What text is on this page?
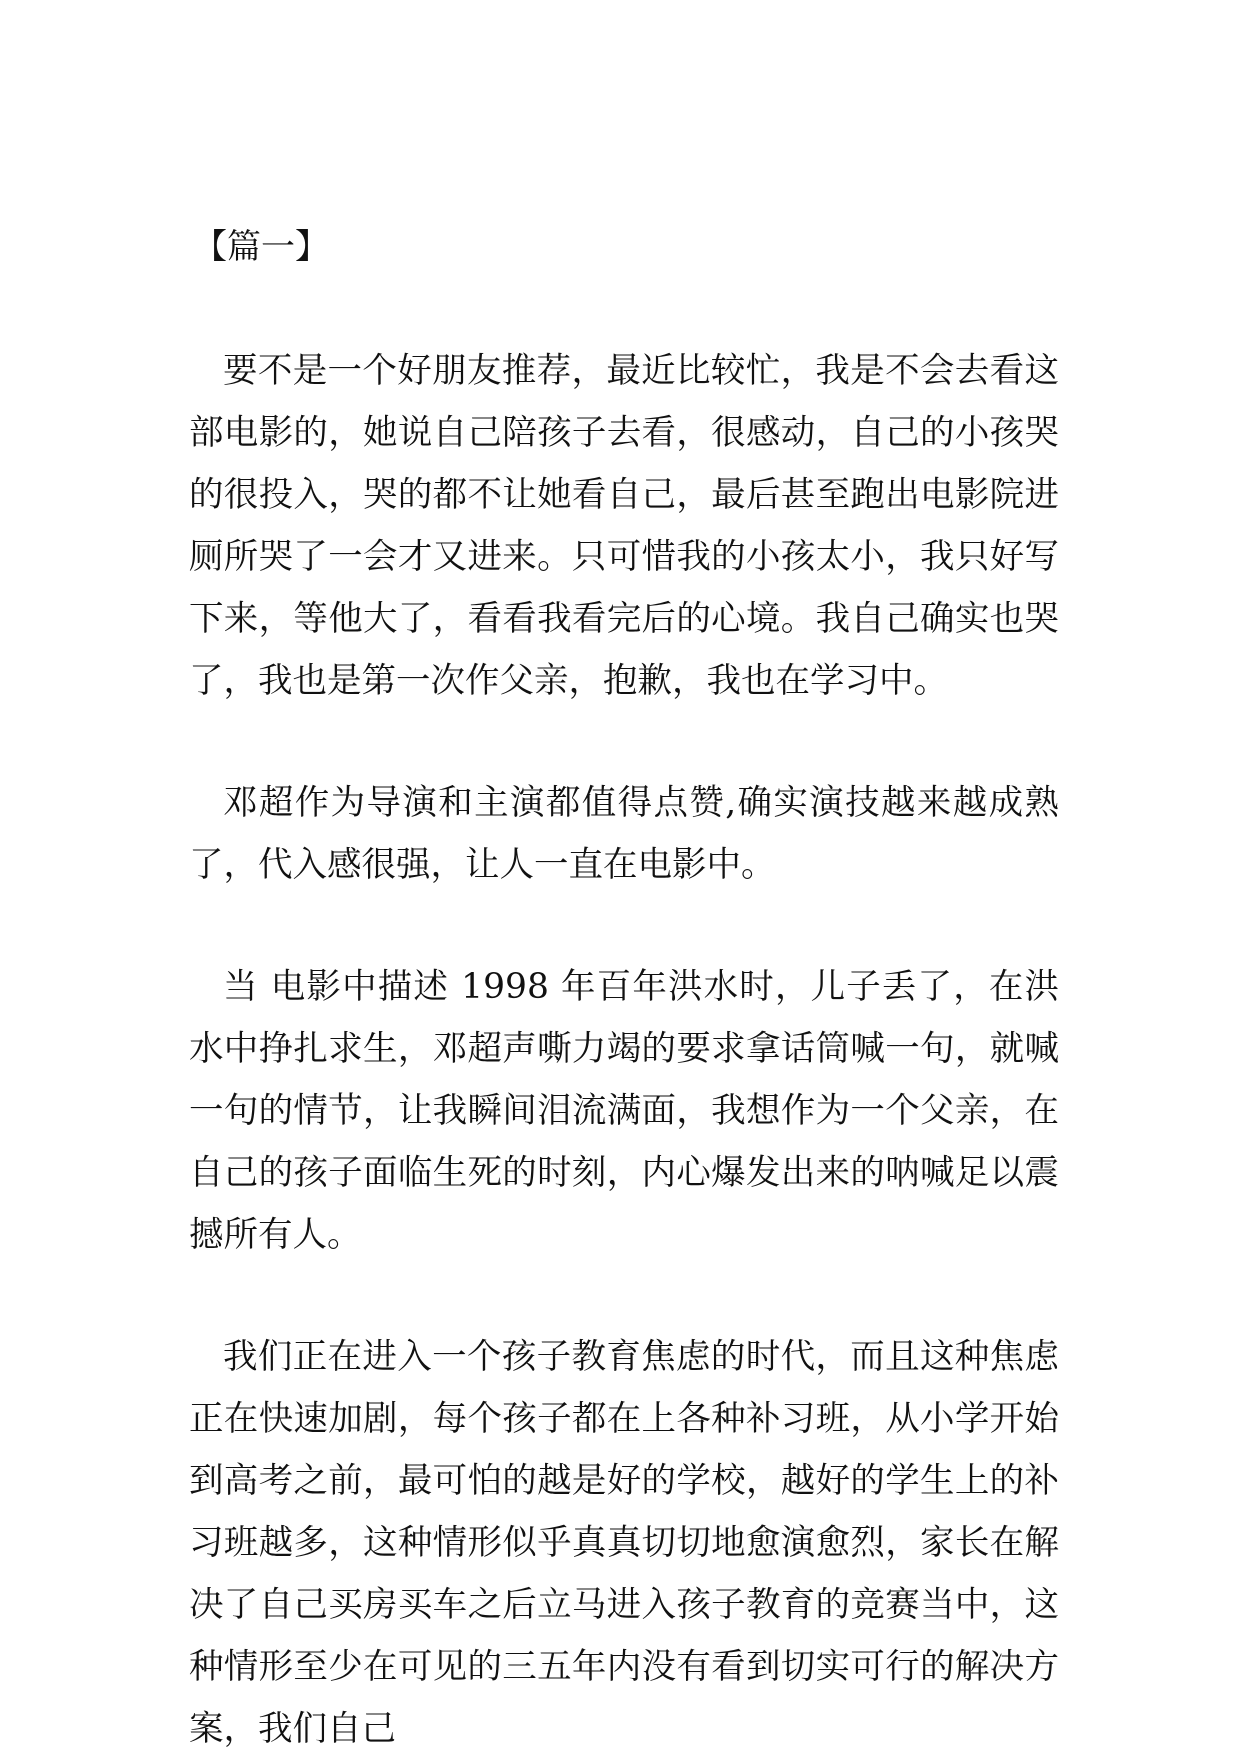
【篇一】

要不是一个好朋友推荐，最近比较忙，我是不会去看这部电影的，她说自己陪孩子去看，很感动，自己的小孩哭的很投入，哭的都不让她看自己，最后甚至跑出电影院进厕所哭了一会才又进来。只可惜我的小孩太小，我只好写下来，等他大了，看看我看完后的心境。我自己确实也哭了，我也是第一次作父亲，抱歉，我也在学习中。

邓超作为导演和主演都值得点赞,确实演技越来越成熟了，代入感很强，让人一直在电影中。

当 电影中描述 1998 年百年洪水时，儿子丢了，在洪水中挣扎求生，邓超声嘶力竭的要求拿话筒喊一句，就喊一句的情节，让我瞬间泪流满面，我想作为一个父亲，在自己的孩子面临生死的时刻，内心爆发出来的呐喊足以震撼所有人。

我们正在进入一个孩子教育焦虑的时代，而且这种焦虑正在快速加剧，每个孩子都在上各种补习班，从小学开始到高考之前，最可怕的越是好的学校，越好的学生上的补习班越多，这种情形似乎真真切切地愈演愈烈，家长在解决了自己买房买车之后立马进入孩子教育的竞赛当中，这种情形至少在可见的三五年内没有看到切实可行的解决方案，我们自己
